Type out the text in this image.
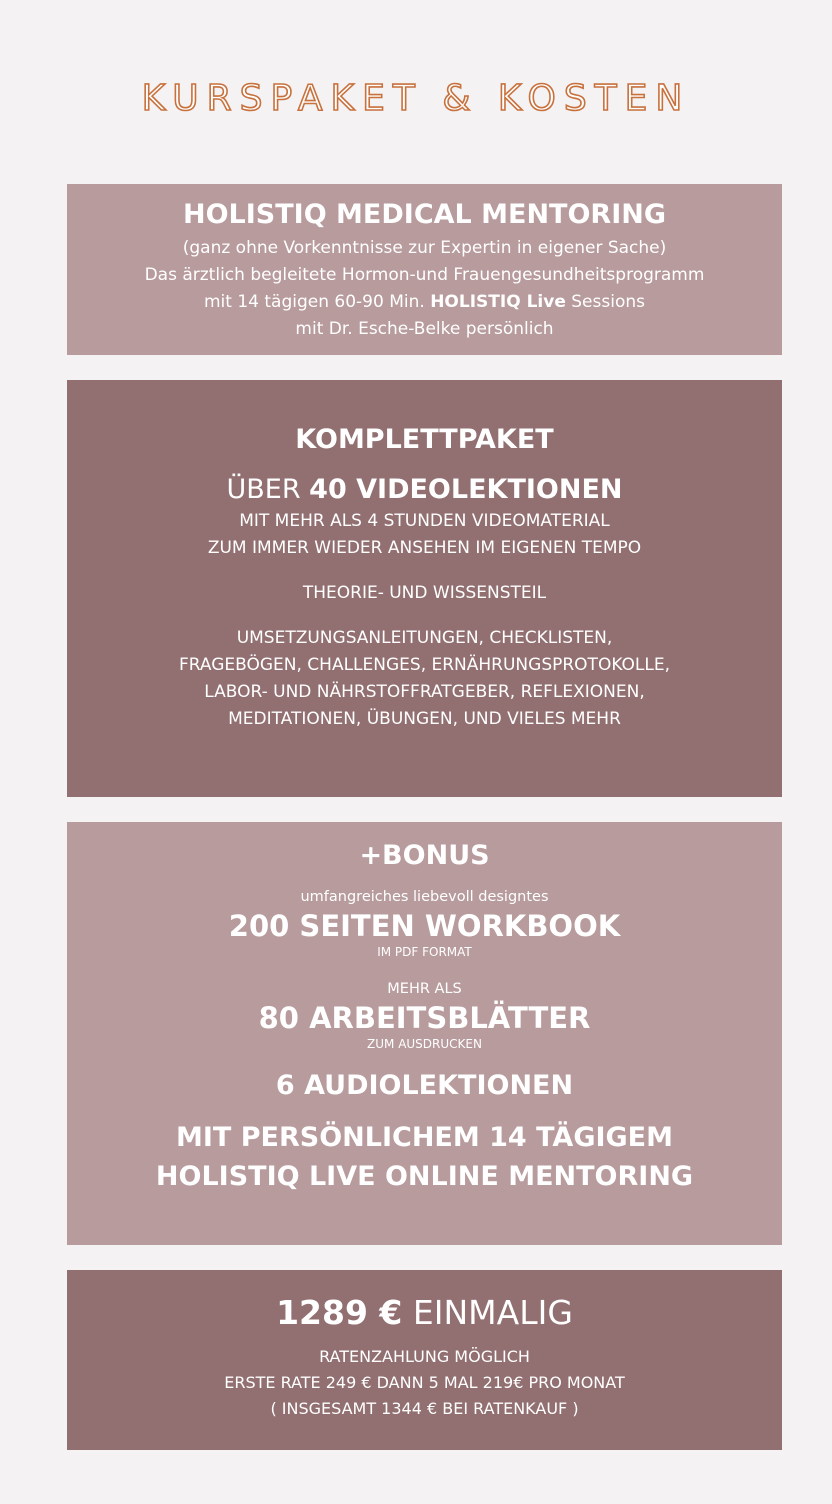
KURSPAKET & KOSTEN

HOLISTIQ MEDICAL MENTORING

(ganz ohne Vorkenntnisse zur Expertin in eigener Sache)

Das ärztlich begleitete Hormon-und Frauengesundheitsprogramm

mit 14 tägigen 60-90 Min. HOLISTIQ Live Sessions

mit Dr. Esche-Belke persönlich

KOMPLETTPAKET

ÜBER 40 VIDEOLEKTIONEN

MIT MEHR ALS 4 STUNDEN VIDEOMATERIAL

ZUM IMMER WIEDER ANSEHEN IM EIGENEN TEMPO

THEORIE- UND WISSENSTEIL

UMSETZUNGSANLEITUNGEN, CHECKLISTEN,

FRAGEBÖGEN, CHALLENGES, ERNÄHRUNGSPROTOKOLLE,

LABOR- UND NÄHRSTOFFRATGEBER, REFLEXIONEN,

MEDITATIONEN, ÜBUNGEN, UND VIELES MEHR

+BONUS

umfangreiches liebevoll designtes

200 SEITEN WORKBOOK

IM PDF FORMAT

MEHR ALS

80 ARBEITSBLÄTTER

ZUM AUSDRUCKEN

6 AUDIOLEKTIONEN

MIT PERSÖNLICHEM 14 TÄGIGEM

HOLISTIQ LIVE ONLINE MENTORING

1289 € EINMALIG

RATENZAHLUNG MÖGLICH

ERSTE RATE 249 € DANN 5 MAL 219€ PRO MONAT

( INSGESAMT 1344 € BEI RATENKAUF )
